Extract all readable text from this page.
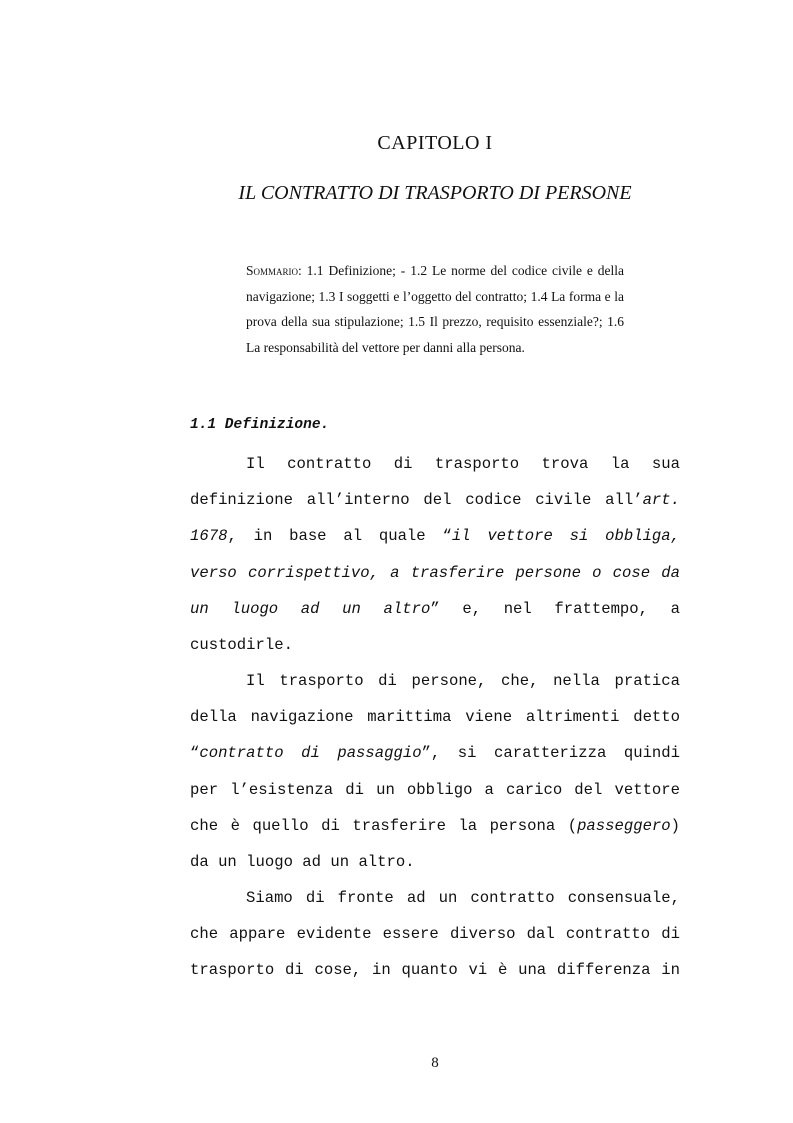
CAPITOLO I
IL CONTRATTO DI TRASPORTO DI PERSONE
Sommario: 1.1 Definizione; - 1.2 Le norme del codice civile e della navigazione; 1.3 I soggetti e l’oggetto del contratto; 1.4 La forma e la prova della sua stipulazione; 1.5 Il prezzo, requisito essenziale?; 1.6 La responsabilità del vettore per danni alla persona.
1.1 Definizione.
Il contratto di trasporto trova la sua
definizione all’interno del codice civile all’art.
1678, in base al quale “il vettore si obbliga,
verso corrispettivo, a trasferire persone o cose da
un luogo ad un altro” e, nel frattempo, a
custodirle.
Il trasporto di persone, che, nella pratica
della navigazione marittima viene altrimenti detto
“contratto di passaggio”, si caratterizza quindi
per l’esistenza di un obbligo a carico del vettore
che è quello di trasferire la persona (passeggero)
da un luogo ad un altro.
Siamo di fronte ad un contratto consensuale,
che appare evidente essere diverso dal contratto di
trasporto di cose, in quanto vi è una differenza in
8
